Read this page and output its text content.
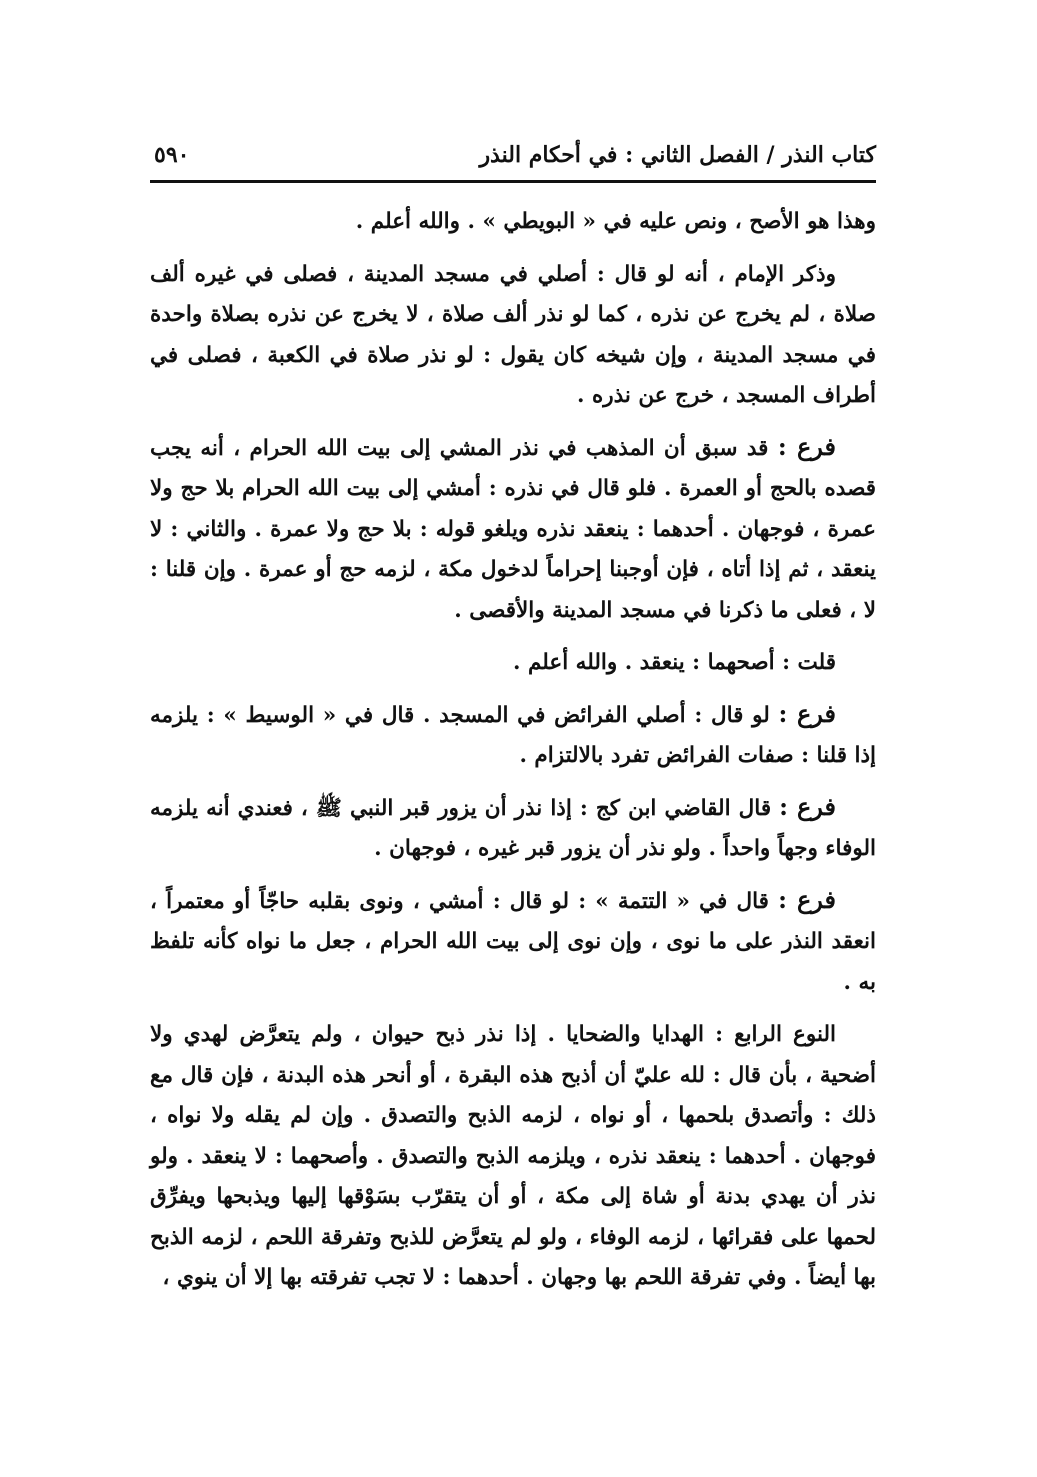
كتاب النذر / الفصل الثاني : في أحكام النذر
٥٩٠

وهذا هو الأصح ، ونص عليه في « البويطي » . والله أعلم .

وذكر الإمام ، أنه لو قال : أصلي في مسجد المدينة ، فصلى في غيره ألف صلاة ، لم يخرج عن نذره ، كما لو نذر ألف صلاة ، لا يخرج عن نذره بصلاة واحدة في مسجد المدينة ، وإن شيخه كان يقول : لو نذر صلاة في الكعبة ، فصلى في أطراف المسجد ، خرج عن نذره .

فرع : قد سبق أن المذهب في نذر المشي إلى بيت الله الحرام ، أنه يجب قصده بالحج أو العمرة . فلو قال في نذره : أمشي إلى بيت الله الحرام بلا حج ولا عمرة ، فوجهان . أحدهما : ينعقد نذره ويلغو قوله : بلا حج ولا عمرة . والثاني : لا ينعقد ، ثم إذا أتاه ، فإن أوجبنا إحراماً لدخول مكة ، لزمه حج أو عمرة . وإن قلنا : لا ، فعلى ما ذكرنا في مسجد المدينة والأقصى .

قلت : أصحهما : ينعقد . والله أعلم .

فرع : لو قال : أصلي الفرائض في المسجد . قال في « الوسيط » : يلزمه إذا قلنا : صفات الفرائض تفرد بالالتزام .

فرع : قال القاضي ابن كج : إذا نذر أن يزور قبر النبي ﷺ ، فعندي أنه يلزمه الوفاء وجهاً واحداً . ولو نذر أن يزور قبر غيره ، فوجهان .

فرع : قال في « التتمة » : لو قال : أمشي ، ونوى بقلبه حاجّاً أو معتمراً ، انعقد النذر على ما نوى ، وإن نوى إلى بيت الله الحرام ، جعل ما نواه كأنه تلفظ به .

النوع الرابع : الهدايا والضحايا . إذا نذر ذبح حيوان ، ولم يتعرَّض لهدي ولا أضحية ، بأن قال : لله عليّ أن أذبح هذه البقرة ، أو أنحر هذه البدنة ، فإن قال مع ذلك : وأتصدق بلحمها ، أو نواه ، لزمه الذبح والتصدق . وإن لم يقله ولا نواه ، فوجهان . أحدهما : ينعقد نذره ، ويلزمه الذبح والتصدق . وأصحهما : لا ينعقد . ولو نذر أن يهدي بدنة أو شاة إلى مكة ، أو أن يتقرّب بسَوْقها إليها ويذبحها ويفرِّق لحمها على فقرائها ، لزمه الوفاء ، ولو لم يتعرَّض للذبح وتفرقة اللحم ، لزمه الذبح بها أيضاً . وفي تفرقة اللحم بها وجهان . أحدهما : لا تجب تفرقته بها إلا أن ينوي ،
